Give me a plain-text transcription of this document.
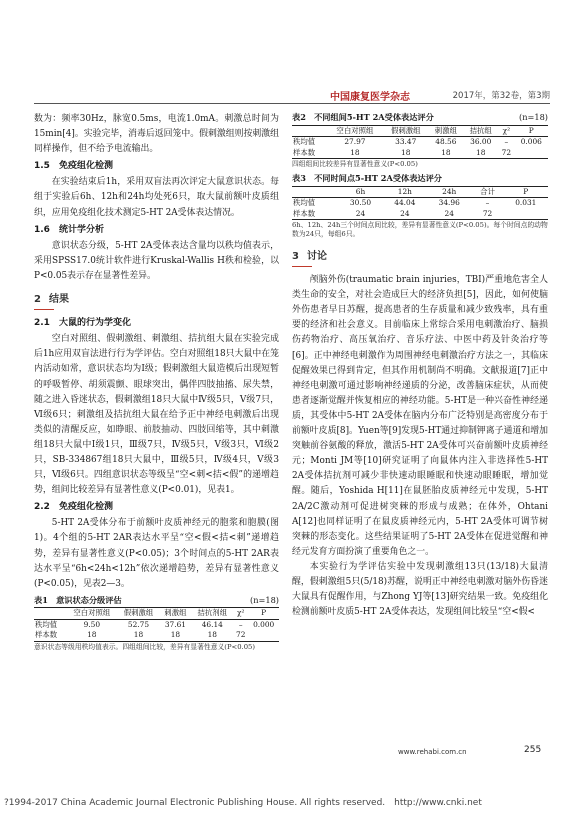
中国康复医学杂志	2017年，第32卷，第3期

数为：频率30Hz，脉宽0.5ms，电流1.0mA。刺激总时间为15min[4]。实验完毕，消毒后返回笼中。假刺激组则按刺激组同样操作，但不给予电流输出。

1.5　免疫组化检测

在实验结束后1h，采用双盲法再次评定大鼠意识状态。每组于实验后6h、12h和24h均处死6只，取大鼠前额叶皮质组织，应用免疫组化技术测定5-HT 2A受体表达情况。

1.6　统计学分析

意识状态分级，5-HT 2A受体表达含量均以秩均值表示，采用SPSS17.0统计软件进行Kruskal-Wallis H秩和检验，以P<0.05表示存在显著性差异。

2 结果
2.1　大鼠的行为学变化

空白对照组、假刺激组、刺激组、拮抗组大鼠在实验完成后1h应用双盲法进行行为学评估。空白对照组18只大鼠中在笼内活动如常，意识状态均为Ⅰ级；假刺激组大鼠造模后出现短暂的呼吸暂停、胡须震颤、眼球突出，偶伴四肢抽搐、尿失禁，随之进入昏迷状态，假刺激组18只大鼠中Ⅳ级5只，Ⅴ级7只，Ⅵ级6只；刺激组及拮抗组大鼠在给予正中神经电刺激后出现类似的清醒反应，如睁眼、前肢抽动、四肢回缩等，其中刺激组18只大鼠中Ⅰ级1只，Ⅲ级7只，Ⅳ级5只，Ⅴ级3只，Ⅵ级2只，SB-334867组18只大鼠中，Ⅲ级5只，Ⅳ级4只，Ⅴ级3只，Ⅵ级6只。四组意识状态等级呈“空<刺<拮<假”的递增趋势，组间比较差异有显著性意义(P<0.01)，见表1。

2.2　免疫组化检测

5-HT 2A受体分布于前额叶皮质神经元的胞浆和胞膜(图1)。4个组的5-HT 2AR表达水平呈“空<假<拮<刺”递增趋势，差异有显著性意义(P<0.05)；3个时间点的5-HT 2AR表达水平呈“6h<24h<12h”依次递增趋势，差异有显著性意义(P<0.05)，见表2—3。

表1　意识状态分级评估	(n=18)
	空白对照组	假刺激组	刺激组	拮抗剂组	χ²	P
秩均值	9.50	52.75	37.61	46.14	–	0.000
样本数	18	18	18	18	72	
意识状态等级用秩均值表示。四组组间比较，差异有显著性意义(P<0.05)
表2　不同组间5-HT 2A受体表达评分	(n=18)
	空白对照组	假刺激组	刺激组	拮抗组	χ²	P
秩均值	27.97	33.47	48.56	36.00	–	0.006
样本数	18	18	18	18	72	
四组组间比较差异有显著性意义(P<0.05)
表3　不同时间点5-HT 2A受体表达评分
	6h	12h	24h	合计	P
秩均值	30.50	44.04	34.96	–	0.031
样本数	24	24	24	72	
6h、12h、24h三个时间点间比较，差异有显著性意义(P<0.05)。每个时间点的动物数为24只，每组6只。
3 讨论

颅脑外伤(traumatic brain injuries，TBI)严重地危害全人类生命的安全，对社会造成巨大的经济负担[5]，因此，如何使脑外伤患者早日苏醒，提高患者的生存质量和减少致残率，具有重要的经济和社会意义。目前临床上常综合采用电刺激治疗、脑损伤药物治疗、高压氧治疗、音乐疗法、中医中药及针灸治疗等[6]。正中神经电刺激作为周围神经电刺激治疗方法之一，其临床促醒效果已得到肯定，但其作用机制尚不明确。文献报道[7]正中神经电刺激可通过影响神经递质的分泌，改善脑床症状，从而使患者逐渐觉醒并恢复相应的神经功能。5-HT是一种兴奋性神经递质，其受体中5-HT 2A受体在脑内分布广泛特别是高密度分布于前额叶皮质[8]。Yuen等[9]发现5-HT通过抑制钾离子通道和增加突触前谷氨酸的释放，激活5-HT 2A受体可兴奋前额叶皮质神经元；Monti JM等[10]研究证明了向鼠体内注入非选择性5-HT 2A受体拮抗剂可减少非快速动眼睡眠和快速动眼睡眠，增加觉醒。随后，Yoshida H[11]在鼠胚胎皮质神经元中发现，5-HT 2A/2C激动剂可促进树突棘的形成与成熟；在体外，Ohtani A[12]也同样证明了在鼠皮质神经元内，5-HT 2A受体可调节树突棘的形态变化。这些结果证明了5-HT 2A受体在促进觉醒和神经元发育方面扮演了重要角色之一。

本实验行为学评估实验中发现刺激组13只(13/18)大鼠清醒，假刺激组5只(5/18)苏醒，说明正中神经电刺激对脑外伤昏迷大鼠具有促醒作用，与Zhong YJ等[13]研究结果一致。免疫组化检测前额叶皮质5-HT 2A受体表达，发现组间比较呈“空<假<

www.rehabi.com.cn	255
?1994-2017 China Academic Journal Electronic Publishing House. All rights reserved.　http://www.cnki.net
